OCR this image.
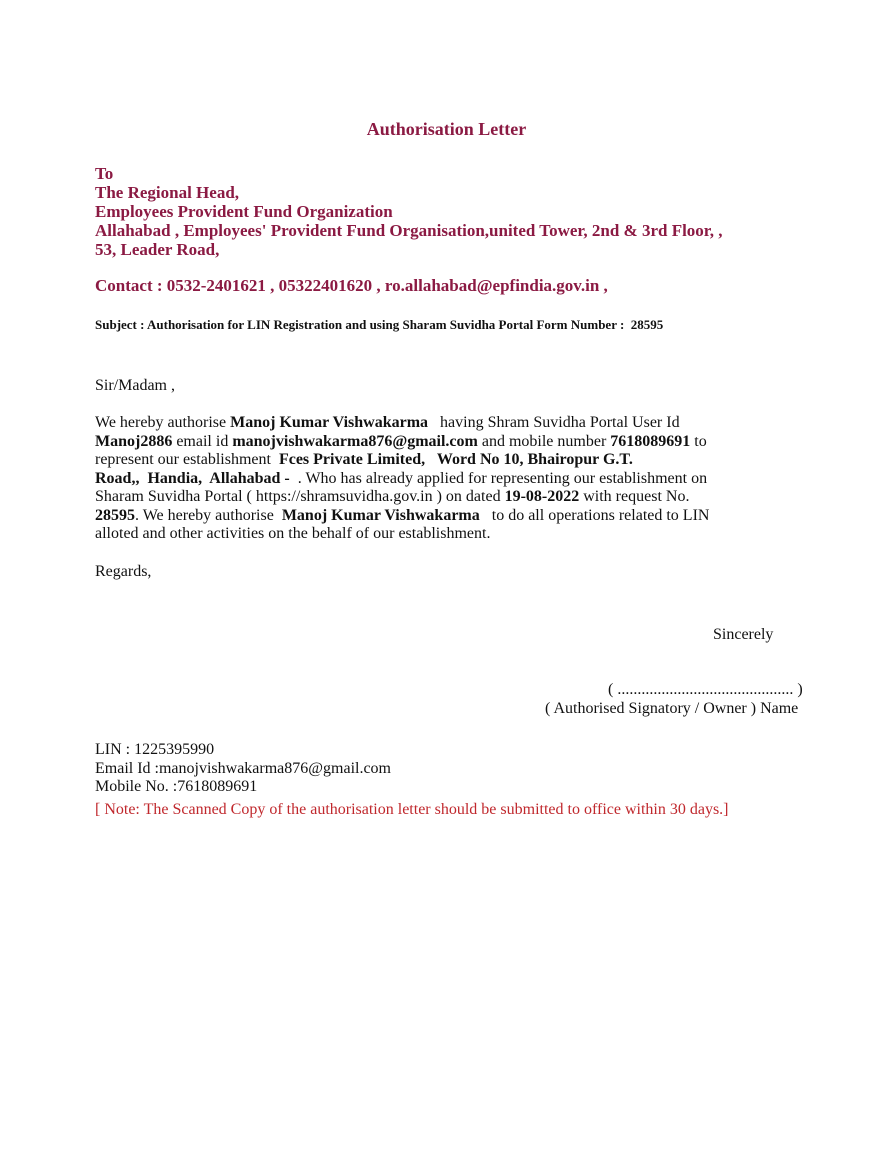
Authorisation Letter
To
The Regional Head,
Employees Provident Fund Organization
Allahabad , Employees' Provident Fund Organisation,united Tower, 2nd & 3rd Floor, ,
53, Leader Road,
Contact : 0532-2401621 , 05322401620 , ro.allahabad@epfindia.gov.in ,
Subject : Authorisation for LIN Registration and using Sharam Suvidha Portal Form Number :  28595
Sir/Madam ,
We hereby authorise Manoj Kumar Vishwakarma   having Shram Suvidha Portal User Id
Manoj2886 email id manojvishwakarma876@gmail.com and mobile number 7618089691 to
represent our establishment  Fces Private Limited,   Word No 10, Bhairopur G.T.
Road,,  Handia,  Allahabad -  . Who has already applied for representing our establishment on
Sharam Suvidha Portal ( https://shramsuvidha.gov.in ) on dated 19-08-2022 with request No.
28595. We hereby authorise  Manoj Kumar Vishwakarma   to do all operations related to LIN
alloted and other activities on the behalf of our establishment.
Regards,
Sincerely
( ............................................ )
( Authorised Signatory / Owner ) Name
LIN : 1225395990
Email Id :manojvishwakarma876@gmail.com
Mobile No. :7618089691
[ Note: The Scanned Copy of the authorisation letter should be submitted to office within 30 days.]
